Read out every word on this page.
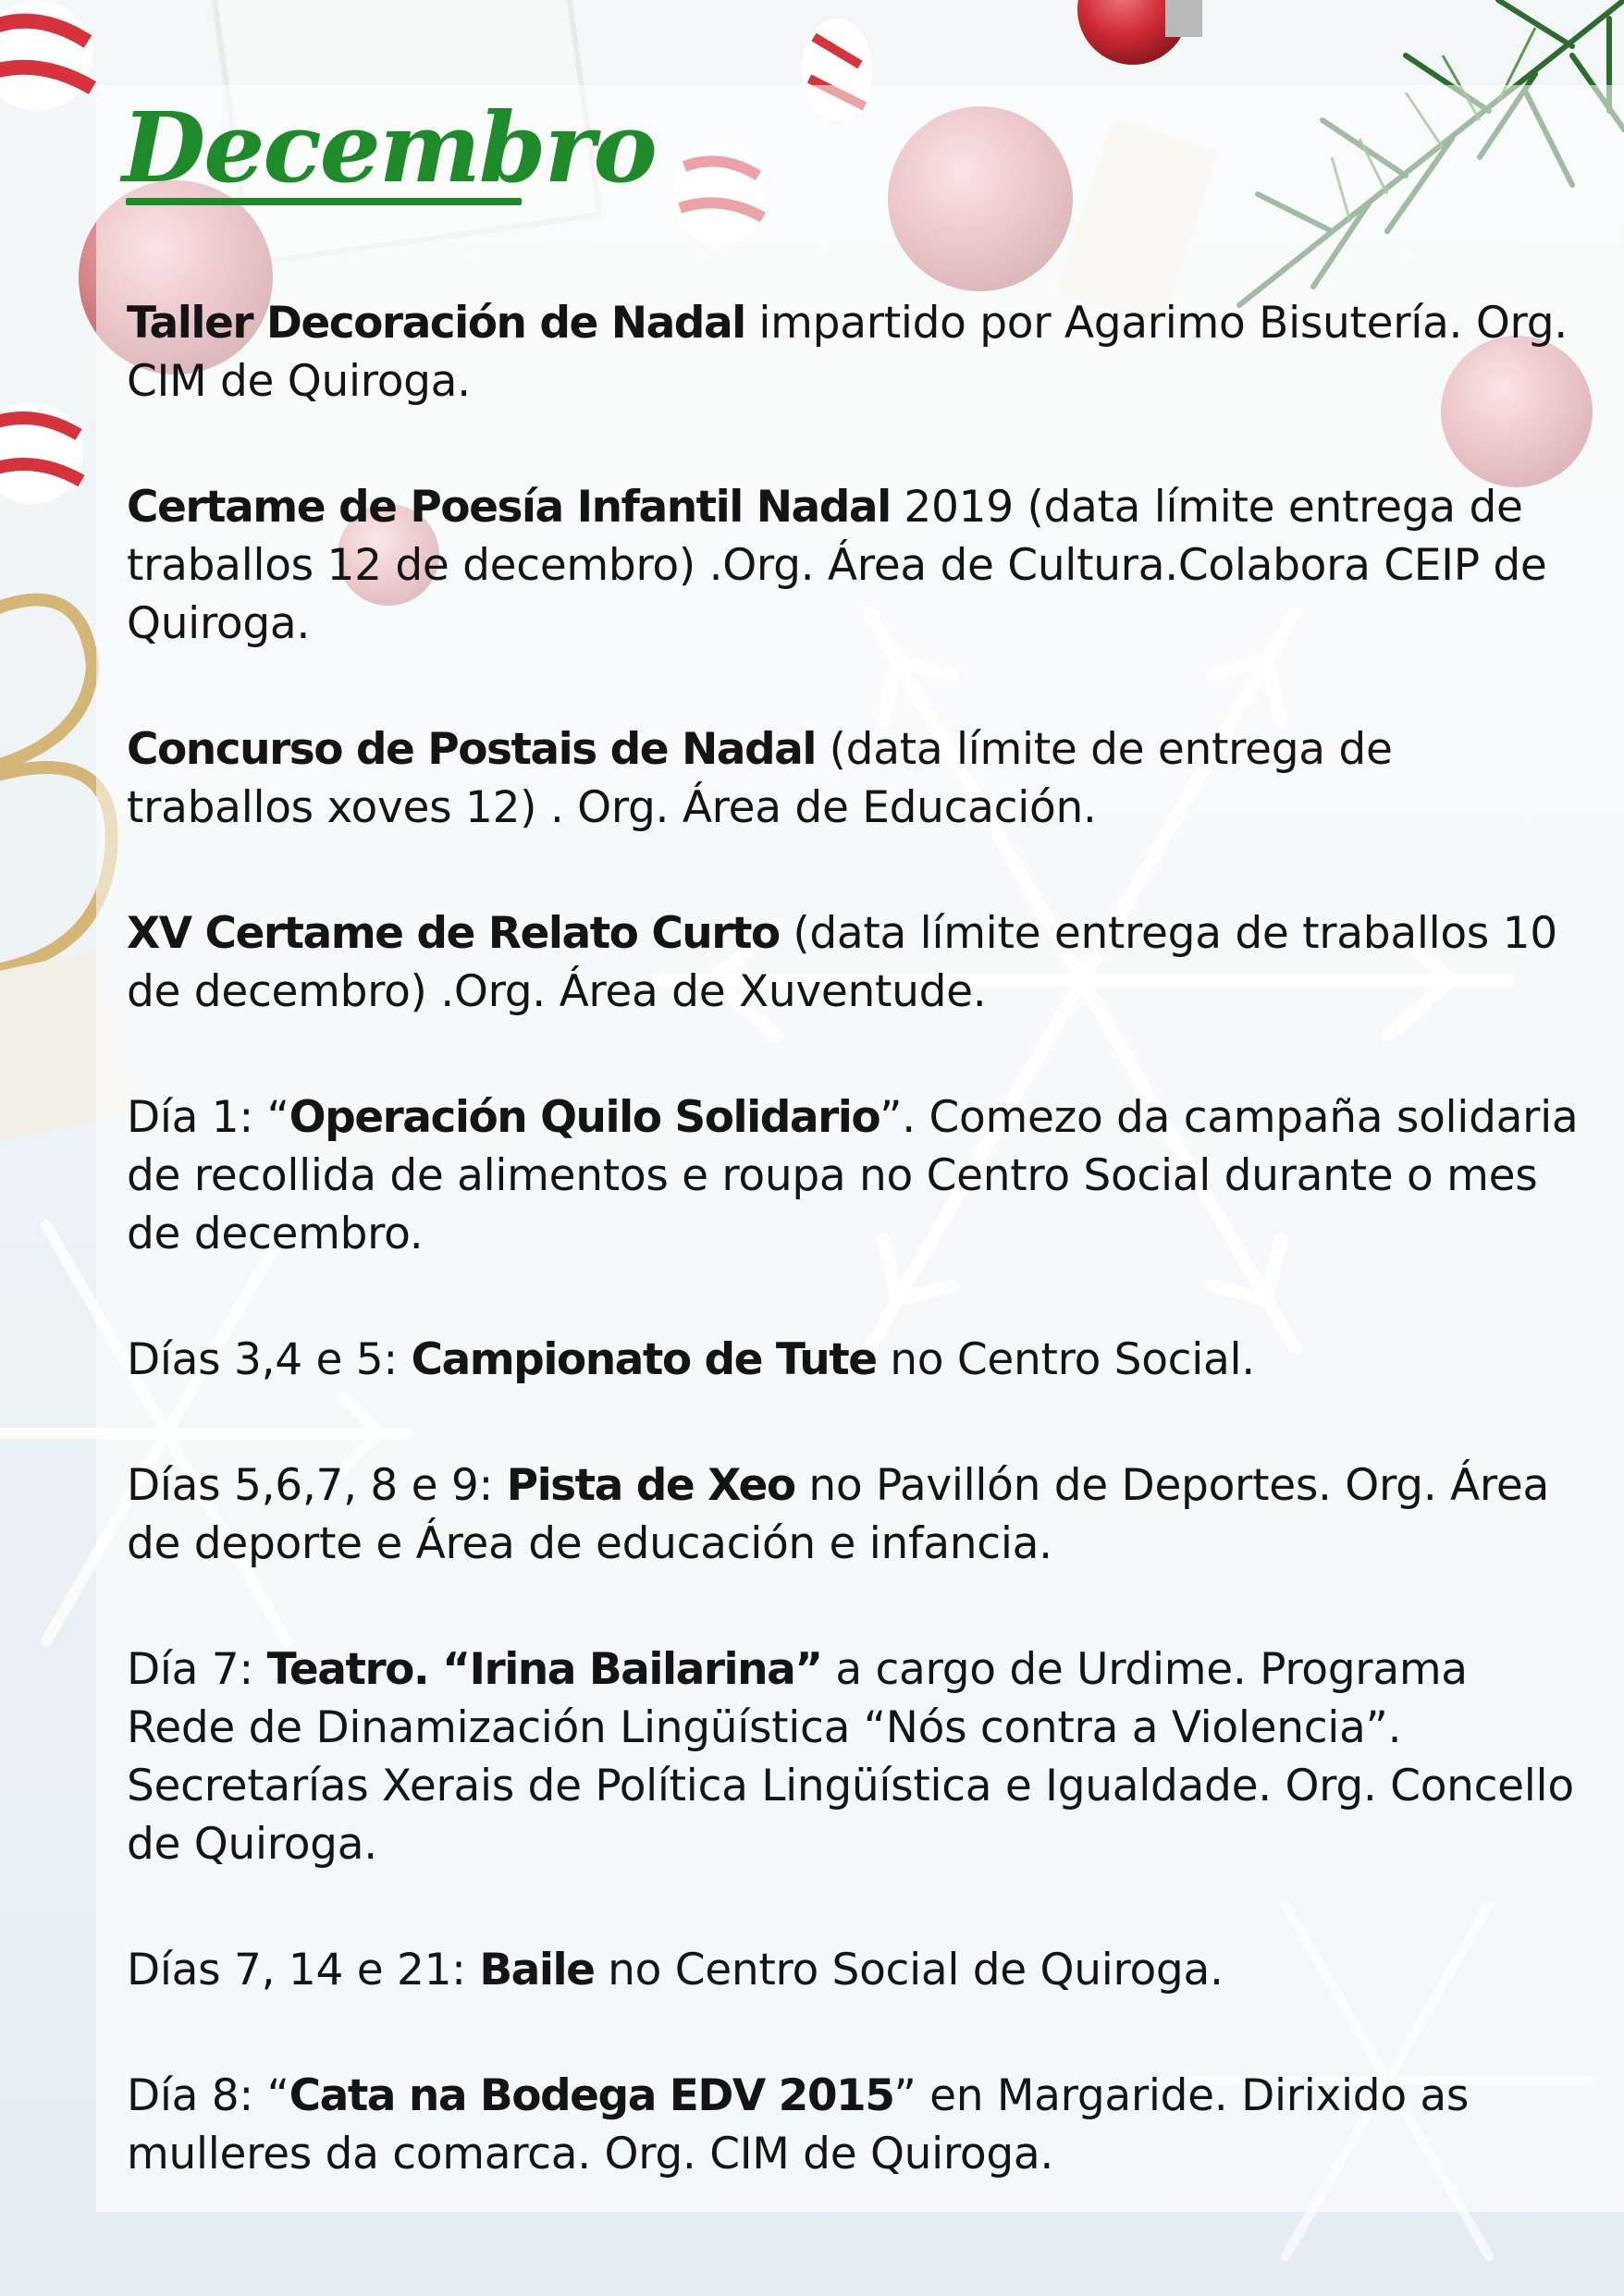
Decembro

Taller Decoración de Nadal impartido por Agarimo Bisutería. Org. CIM de Quiroga.

Certame de Poesía Infantil Nadal 2019 (data límite entrega de traballos 12 de decembro) .Org. Área de Cultura.Colabora CEIP de Quiroga.

Concurso de Postais de Nadal (data límite de entrega de traballos xoves 12) . Org. Área de Educación.

XV Certame de Relato Curto (data límite entrega de traballos 10 de decembro) .Org. Área de Xuventude.

Día 1: “Operación Quilo Solidario”. Comezo da campaña solidaria de recollida de alimentos e roupa no Centro Social durante o mes de decembro.

Días 3,4 e 5: Campionato de Tute no Centro Social.

Días 5,6,7, 8 e 9: Pista de Xeo no Pavillón de Deportes. Org. Área de deporte e Área de educación e infancia.

Día 7: Teatro. “Irina Bailarina” a cargo de Urdime. Programa Rede de Dinamización Lingüística “Nós contra a Violencia”. Secretarías Xerais de Política Lingüística e Igualdade. Org. Concello de Quiroga.

Días 7, 14 e 21: Baile no Centro Social de Quiroga.

Día 8: “Cata na Bodega EDV 2015” en Margaride. Dirixido as mulleres da comarca. Org. CIM de Quiroga.
